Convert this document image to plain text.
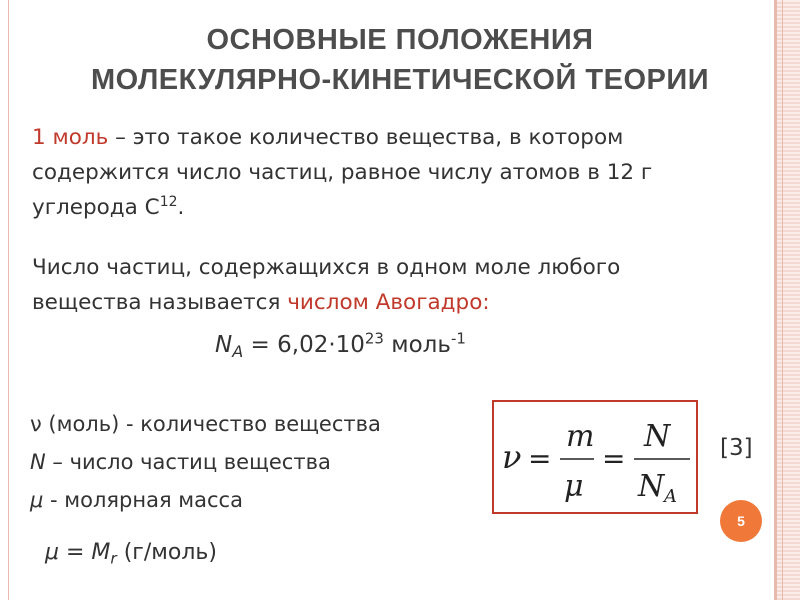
ОСНОВНЫЕ ПОЛОЖЕНИЯ
МОЛЕКУЛЯРНО-КИНЕТИЧЕСКОЙ ТЕОРИИ
1 моль – это такое количество вещества, в котором
содержится число частиц, равное числу атомов в 12 г
углерода $С^{12}$.
Число частиц, содержащихся в одном моле любого
вещества называется числом Авогадро:
$N_A = 6,02\cdot 10^{23}$ моль$^{-1}$
ν (моль) - количество вещества
N – число частиц вещества
μ - молярная масса
ν =
m
μ
=
N
N A
[3]
5
$\mu = M_r$ (г/моль)
